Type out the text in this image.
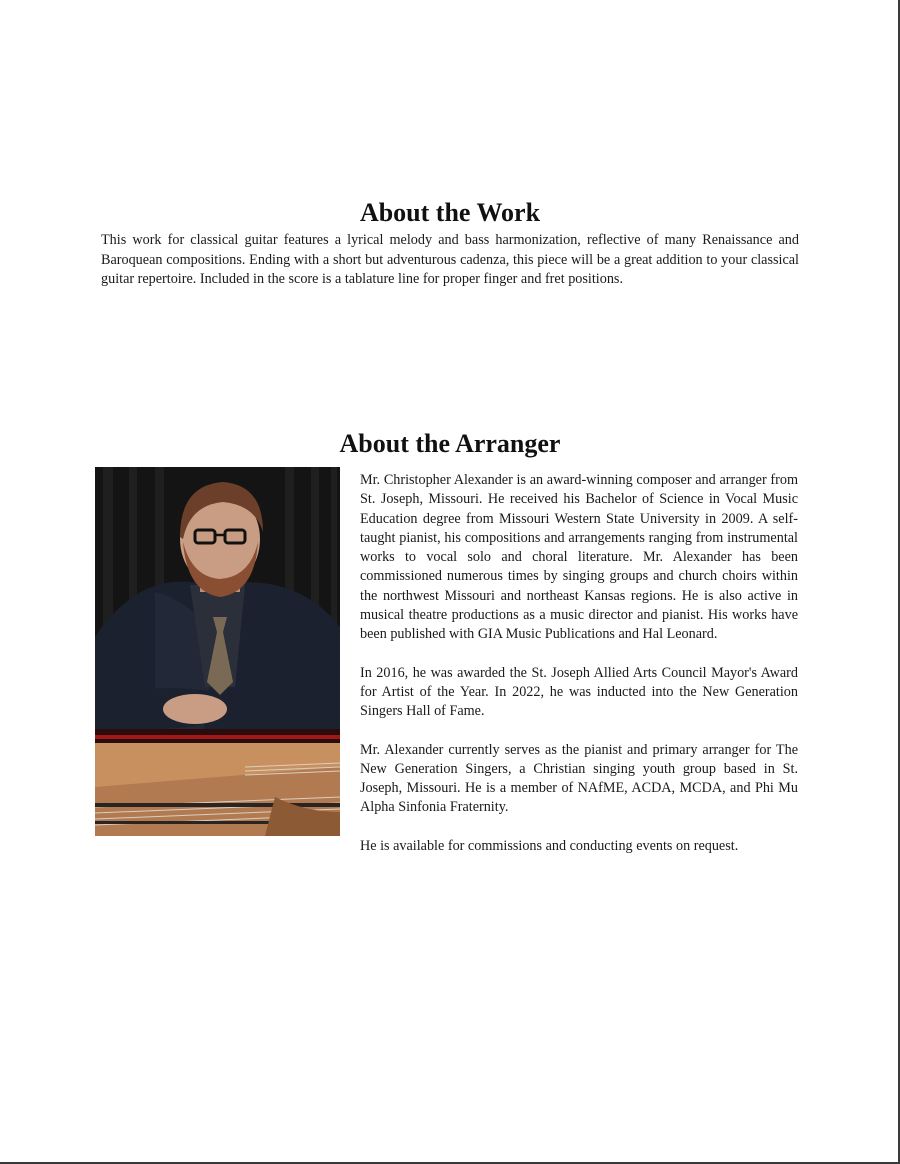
About the Work

This work for classical guitar features a lyrical melody and bass harmonization, reflective of many Renaissance and Baroquean compositions. Ending with a short but adventurous cadenza, this piece will be a great addition to your classical guitar repertoire. Included in the score is a tablature line for proper finger and fret positions.

About the Arranger

Mr. Christopher Alexander is an award-winning composer and arranger from St. Joseph, Missouri. He received his Bachelor of Science in Vocal Music Education degree from Missouri Western State University in 2009. A self-taught pianist, his compositions and arrangements ranging from instrumental works to vocal solo and choral literature. Mr. Alexander has been commissioned numerous times by singing groups and church choirs within the northwest Missouri and northeast Kansas regions. He is also active in musical theatre productions as a music director and pianist. His works have been published with GIA Music Publications and Hal Leonard.

In 2016, he was awarded the St. Joseph Allied Arts Council Mayor's Award for Artist of the Year. In 2022, he was inducted into the New Generation Singers Hall of Fame.

Mr. Alexander currently serves as the pianist and primary arranger for The New Generation Singers, a Christian singing youth group based in St. Joseph, Missouri. He is a member of NAfME, ACDA, MCDA, and Phi Mu Alpha Sinfonia Fraternity.

He is available for commissions and conducting events on request.
